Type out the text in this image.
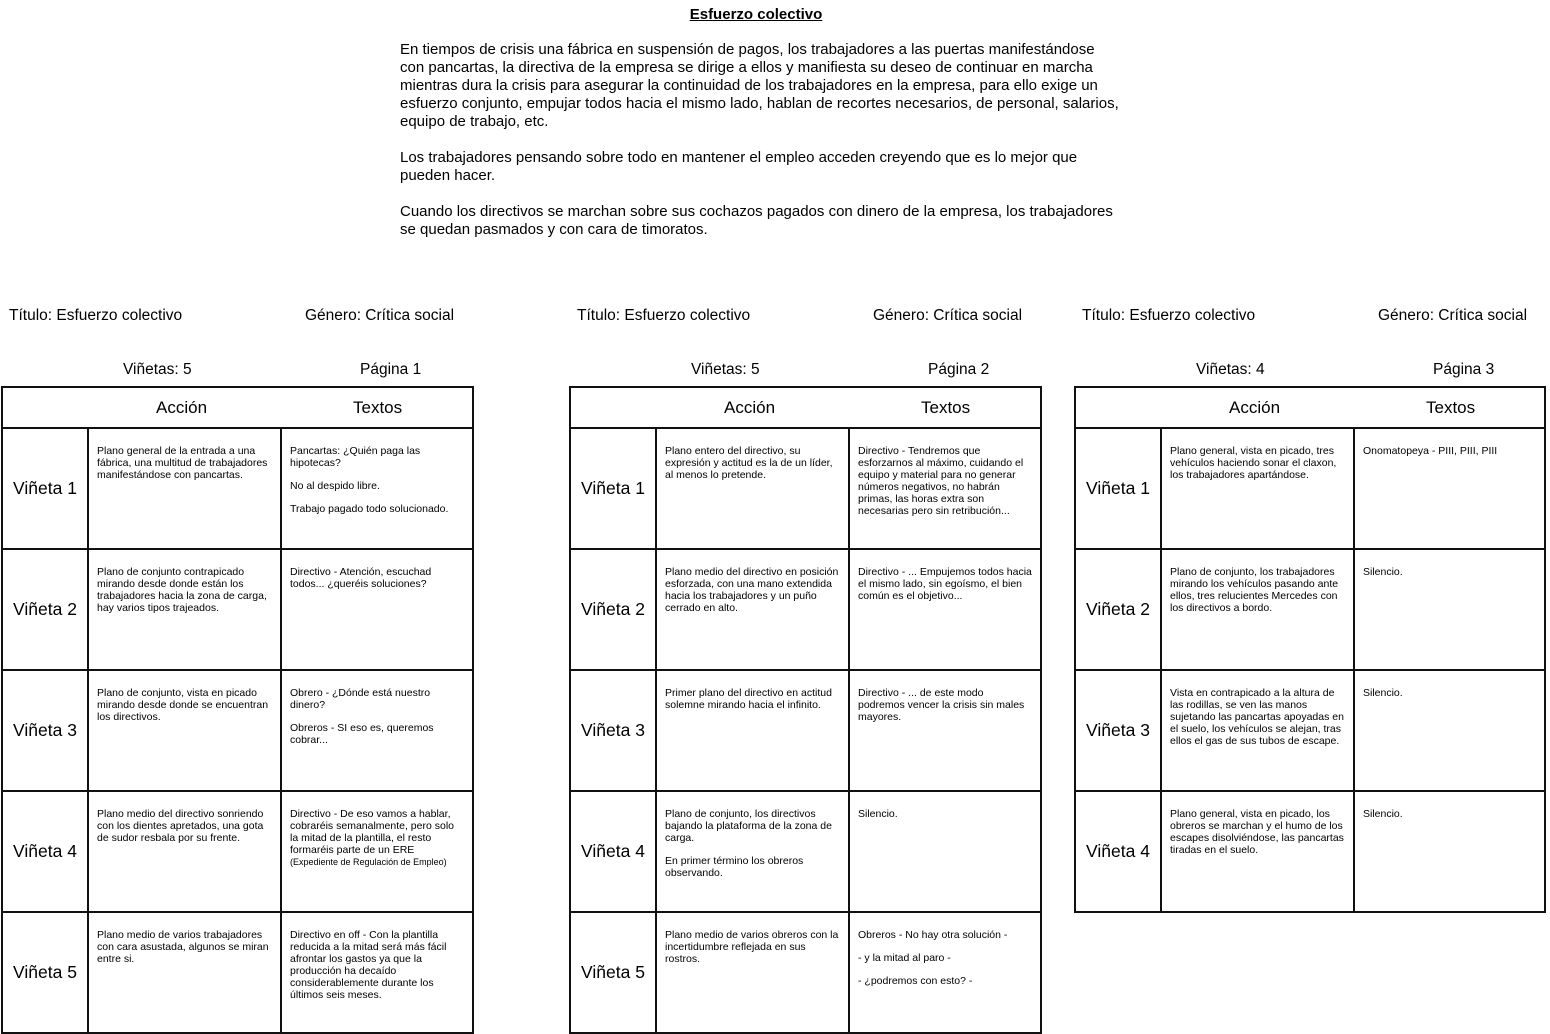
Esfuerzo colectivo

En tiempos de crisis una fábrica en suspensión de pagos, los trabajadores a las puertas manifestándose con pancartas, la directiva de la empresa se dirige a ellos y manifiesta su deseo de continuar en marcha mientras dura la crisis para asegurar la continuidad de los trabajadores en la empresa, para ello exige un esfuerzo conjunto, empujar todos hacia el mismo lado, hablan de recortes necesarios, de personal, salarios, equipo de trabajo, etc.

Los trabajadores pensando sobre todo en mantener el empleo acceden creyendo que es lo mejor que pueden hacer.

Cuando los directivos se marchan sobre sus cochazos pagados con dinero de la empresa, los trabajadores se quedan pasmados y con cara de timoratos.

Título: Esfuerzo colectivo	Género: Crítica social
Viñetas: 5	Página 1
	Acción	Textos
Viñeta 1	Plano general de la entrada a una fábrica, una multitud de trabajadores manifestándose con pancartas.	Pancartas: ¿Quién paga las hipotecas?

No al despido libre.

Trabajo pagado todo solucionado.

Viñeta 2	Plano de conjunto contrapicado mirando desde donde están los trabajadores hacia la zona de carga, hay varios tipos trajeados.	Directivo - Atención, escuchad todos... ¿queréis soluciones?

Viñeta 3	Plano de conjunto, vista en picado mirando desde donde se encuentran los directivos.	Obrero - ¿Dónde está nuestro dinero?

Obreros - SI eso es, queremos cobrar...

Viñeta 4	Plano medio del directivo sonriendo con los dientes apretados, una gota de sudor resbala por su frente.	Directivo - De eso vamos a hablar, cobraréis semanalmente, pero solo la mitad de la plantilla, el resto formaréis parte de un ERE

(Expediente de Regulación de Empleo)

Viñeta 5	Plano medio de varios trabajadores con cara asustada, algunos se miran entre si.	Directivo en off - Con la plantilla reducida a la mitad será más fácil afrontar los gastos ya que la producción ha decaído considerablemente durante los últimos seis meses.

Título: Esfuerzo colectivo	Género: Crítica social
Viñetas: 5	Página 2
	Acción	Textos
Viñeta 1	Plano entero del directivo, su expresión y actitud es la de un líder, al menos lo pretende.	Directivo - Tendremos que esforzarnos al máximo, cuidando el equipo y material para no generar números negativos, no habrán primas, las horas extra son necesarias pero sin retribución...

Viñeta 2	Plano medio del directivo en posición esforzada, con una mano extendida hacia los trabajadores y un puño cerrado en alto.	Directivo - ... Empujemos todos hacia el mismo lado, sin egoísmo, el bien común es el objetivo...

Viñeta 3	Primer plano del directivo en actitud solemne mirando hacia el infinito.	Directivo - ... de este modo podremos vencer la crisis sin males mayores.

Viñeta 4	Plano de conjunto, los directivos bajando la plataforma de la zona de carga.

En primer término los obreros observando.	Silencio.

Viñeta 5	Plano medio de varios obreros con la incertidumbre reflejada en sus rostros.	Obreros - No hay otra solución -

- y la mitad al paro -

- ¿podremos con esto? -

Título: Esfuerzo colectivo	Género: Crítica social
Viñetas: 4	Página 3
	Acción	Textos
Viñeta 1	Plano general, vista en picado, tres vehículos haciendo sonar el claxon, los trabajadores apartándose.	Onomatopeya - PIII, PIII, PIII

Viñeta 2	Plano de conjunto, los trabajadores mirando los vehículos pasando ante ellos, tres relucientes Mercedes con los directivos a bordo.	Silencio.

Viñeta 3	Vista en contrapicado a la altura de las rodillas, se ven las manos sujetando las pancartas apoyadas en el suelo, los vehículos se alejan, tras ellos el gas de sus tubos de escape.	Silencio.

Viñeta 4	Plano general, vista en picado, los obreros se marchan y el humo de los escapes disolviéndose, las pancartas tiradas en el suelo.	Silencio.
